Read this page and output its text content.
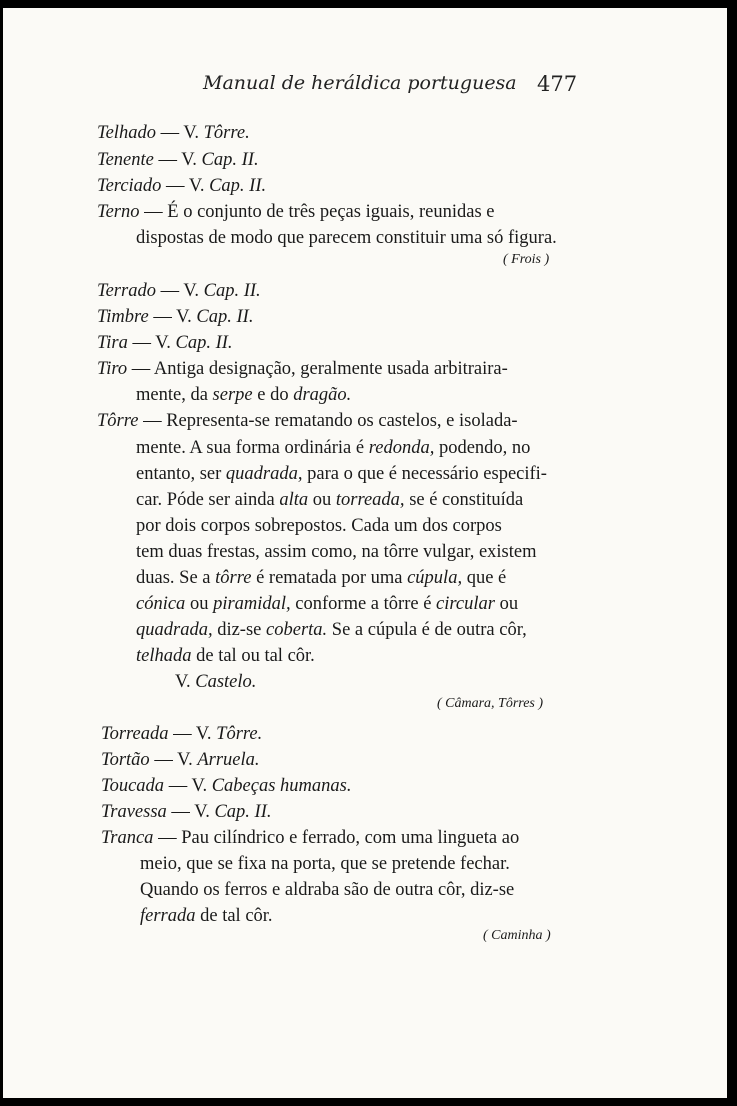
Manual de heráldica portuguesa 477
Telhado — V. Tôrre.
Tenente — V. Cap. II.
Terciado — V. Cap. II.
Terno — É o conjunto de três peças iguais, reunidas e
dispostas de modo que parecem constituir uma só figura.
( Frois )
Terrado — V. Cap. II.
Timbre — V. Cap. II.
Tira — V. Cap. II.
Tiro — Antiga designação, geralmente usada arbitraira-
mente, da serpe e do dragão.
Tôrre — Representa-se rematando os castelos, e isolada-
mente. A sua forma ordinária é redonda, podendo, no
entanto, ser quadrada, para o que é necessário especifi-
car. Póde ser ainda alta ou torreada, se é constituída
por dois corpos sobrepostos. Cada um dos corpos
tem duas frestas, assim como, na tôrre vulgar, existem
duas. Se a tôrre é rematada por uma cúpula, que é
cónica ou piramidal, conforme a tôrre é circular ou
quadrada, diz-se coberta. Se a cúpula é de outra côr,
telhada de tal ou tal côr.
V. Castelo.
( Câmara, Tôrres )
Torreada — V. Tôrre.
Tortão — V. Arruela.
Toucada — V. Cabeças humanas.
Travessa — V. Cap. II.
Tranca — Pau cilíndrico e ferrado, com uma lingueta ao
meio, que se fixa na porta, que se pretende fechar.
Quando os ferros e aldraba são de outra côr, diz-se
ferrada de tal côr.
( Caminha )
